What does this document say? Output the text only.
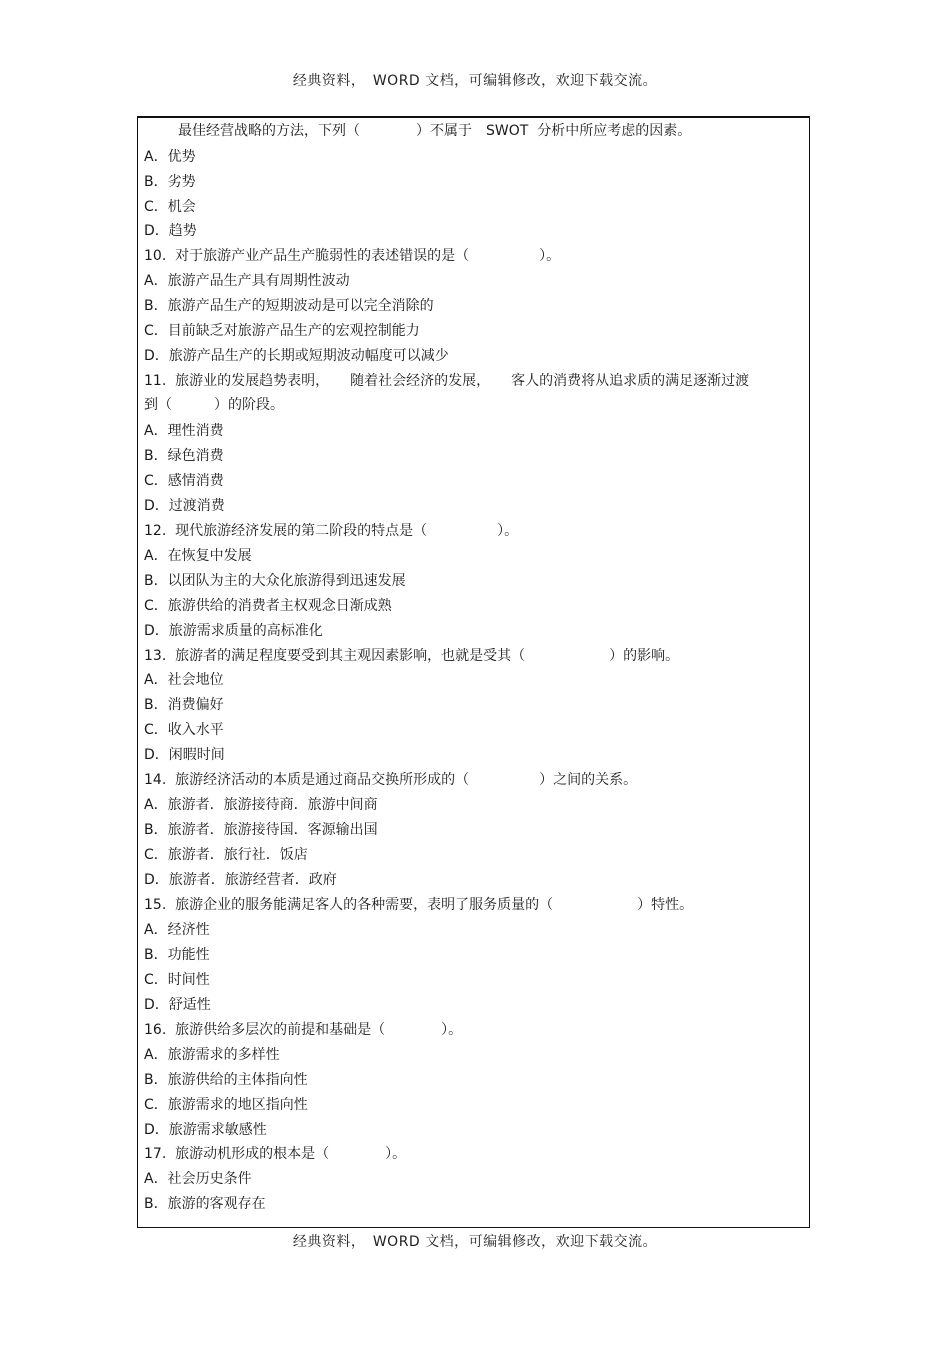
经典资料，　WORD 文档，可编辑修改，欢迎下载交流。
最佳经营战略的方法，下列（　　　　）不属于　SWOT  分析中所应考虑的因素。
A．优势
B．劣势
C．机会
D．趋势
10.  对于旅游产业产品生产脆弱性的表述错误的是（　　　　　）。
A．旅游产品生产具有周期性波动
B．旅游产品生产的短期波动是可以完全消除的
C．目前缺乏对旅游产品生产的宏观控制能力
D．旅游产品生产的长期或短期波动幅度可以减少
11.  旅游业的发展趋势表明，　　随着社会经济的发展，　　客人的消费将从追求质的满足逐渐过渡
到（　　　）的阶段。
A．理性消费
B．绿色消费
C．感情消费
D．过渡消费
12.  现代旅游经济发展的第二阶段的特点是（　　　　　）。
A．在恢复中发展
B．以团队为主的大众化旅游得到迅速发展
C．旅游供给的消费者主权观念日渐成熟
D．旅游需求质量的高标准化
13.  旅游者的满足程度要受到其主观因素影响，也就是受其（　　　　　　）的影响。
A．社会地位
B．消费偏好
C．收入水平
D．闲暇时间
14.  旅游经济活动的本质是通过商品交换所形成的（　　　　　）之间的关系。
A．旅游者．旅游接待商．旅游中间商
B．旅游者．旅游接待国．客源输出国
C．旅游者．旅行社．饭店
D．旅游者．旅游经营者．政府
15.  旅游企业的服务能满足客人的各种需要，表明了服务质量的（　　　　　　）特性。
A．经济性
B．功能性
C．时间性
D．舒适性
16.  旅游供给多层次的前提和基础是（　　　　）。
A．旅游需求的多样性
B．旅游供给的主体指向性
C．旅游需求的地区指向性
D．旅游需求敏感性
17.  旅游动机形成的根本是（　　　　）。
A．社会历史条件
B．旅游的客观存在
经典资料，　WORD 文档，可编辑修改，欢迎下载交流。
